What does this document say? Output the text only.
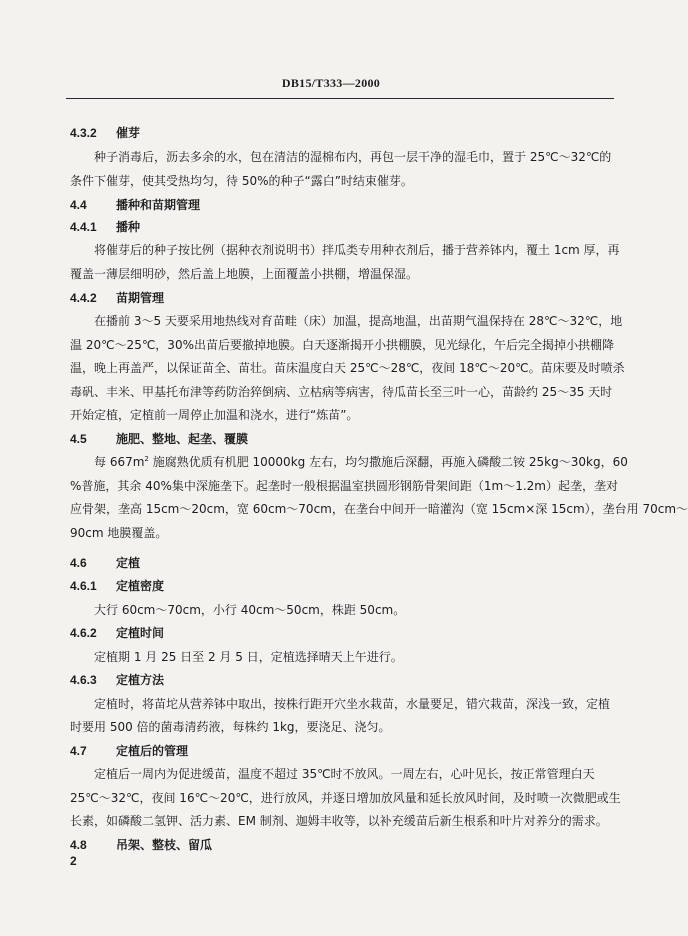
DB15/T333—2000
4.3.2 催芽
种子消毒后，沥去多余的水，包在清洁的湿棉布内，再包一层干净的湿毛巾，置于 25℃～32℃的
条件下催芽，使其受热均匀，待 50%的种子“露白”时结束催芽。
4.4 播种和苗期管理
4.4.1 播种
将催芽后的种子按比例（据种衣剂说明书）拌瓜类专用种衣剂后，播于营养钵内，覆土 1cm 厚，再
覆盖一薄层细明砂，然后盖上地膜，上面覆盖小拱棚，增温保湿。
4.4.2 苗期管理
在播前 3～5 天要采用地热线对育苗畦（床）加温，提高地温，出苗期气温保持在 28℃～32℃，地
温 20℃～25℃，30%出苗后要撤掉地膜。白天逐渐揭开小拱棚膜，见光绿化，午后完全揭掉小拱棚降
温，晚上再盖严，以保证苗全、苗壮。苗床温度白天 25℃～28℃，夜间 18℃～20℃。苗床要及时喷杀
毒矾、丰米、甲基托布津等药防治猝倒病、立枯病等病害，待瓜苗长至三叶一心，苗龄约 25～35 天时
开始定植，定植前一周停止加温和浇水，进行“炼苗”。
4.5 施肥、整地、起垄、覆膜
每 $667m^2$ 施腐熟优质有机肥 10000kg 左右，均匀撒施后深翻，再施入磷酸二铵 25kg～30kg，60
%普施，其余 40%集中深施垄下。起垄时一般根据温室拱圆形钢筋骨架间距（1m～1.2m）起垄，垄对
应骨架，垄高 15cm～20cm，宽 60cm～70cm，在垄台中间开一暗灌沟（宽 15cm×深 15cm），垄台用 70cm～
90cm 地膜覆盖。
4.6 定植
4.6.1 定植密度
大行 60cm～70cm，小行 40cm～50cm，株距 50cm。
4.6.2 定植时间
定植期 1 月 25 日至 2 月 5 日，定植选择晴天上午进行。
4.6.3 定植方法
定植时，将苗坨从营养钵中取出，按株行距开穴坐水栽苗，水量要足，错穴栽苗，深浅一致，定植
时要用 500 倍的菌毒清药液，每株约 1kg，要浇足、浇匀。
4.7 定植后的管理
定植后一周内为促进缓苗，温度不超过 35℃时不放风。一周左右，心叶见长，按正常管理白天
25℃～32℃，夜间 16℃～20℃，进行放风，并逐日增加放风量和延长放风时间，及时喷一次微肥或生
长素，如磷酸二氢钾、活力素、EM 制剂、迦姆丰收等，以补充缓苗后新生根系和叶片对养分的需求。
4.8 吊架、整枝、留瓜
2
